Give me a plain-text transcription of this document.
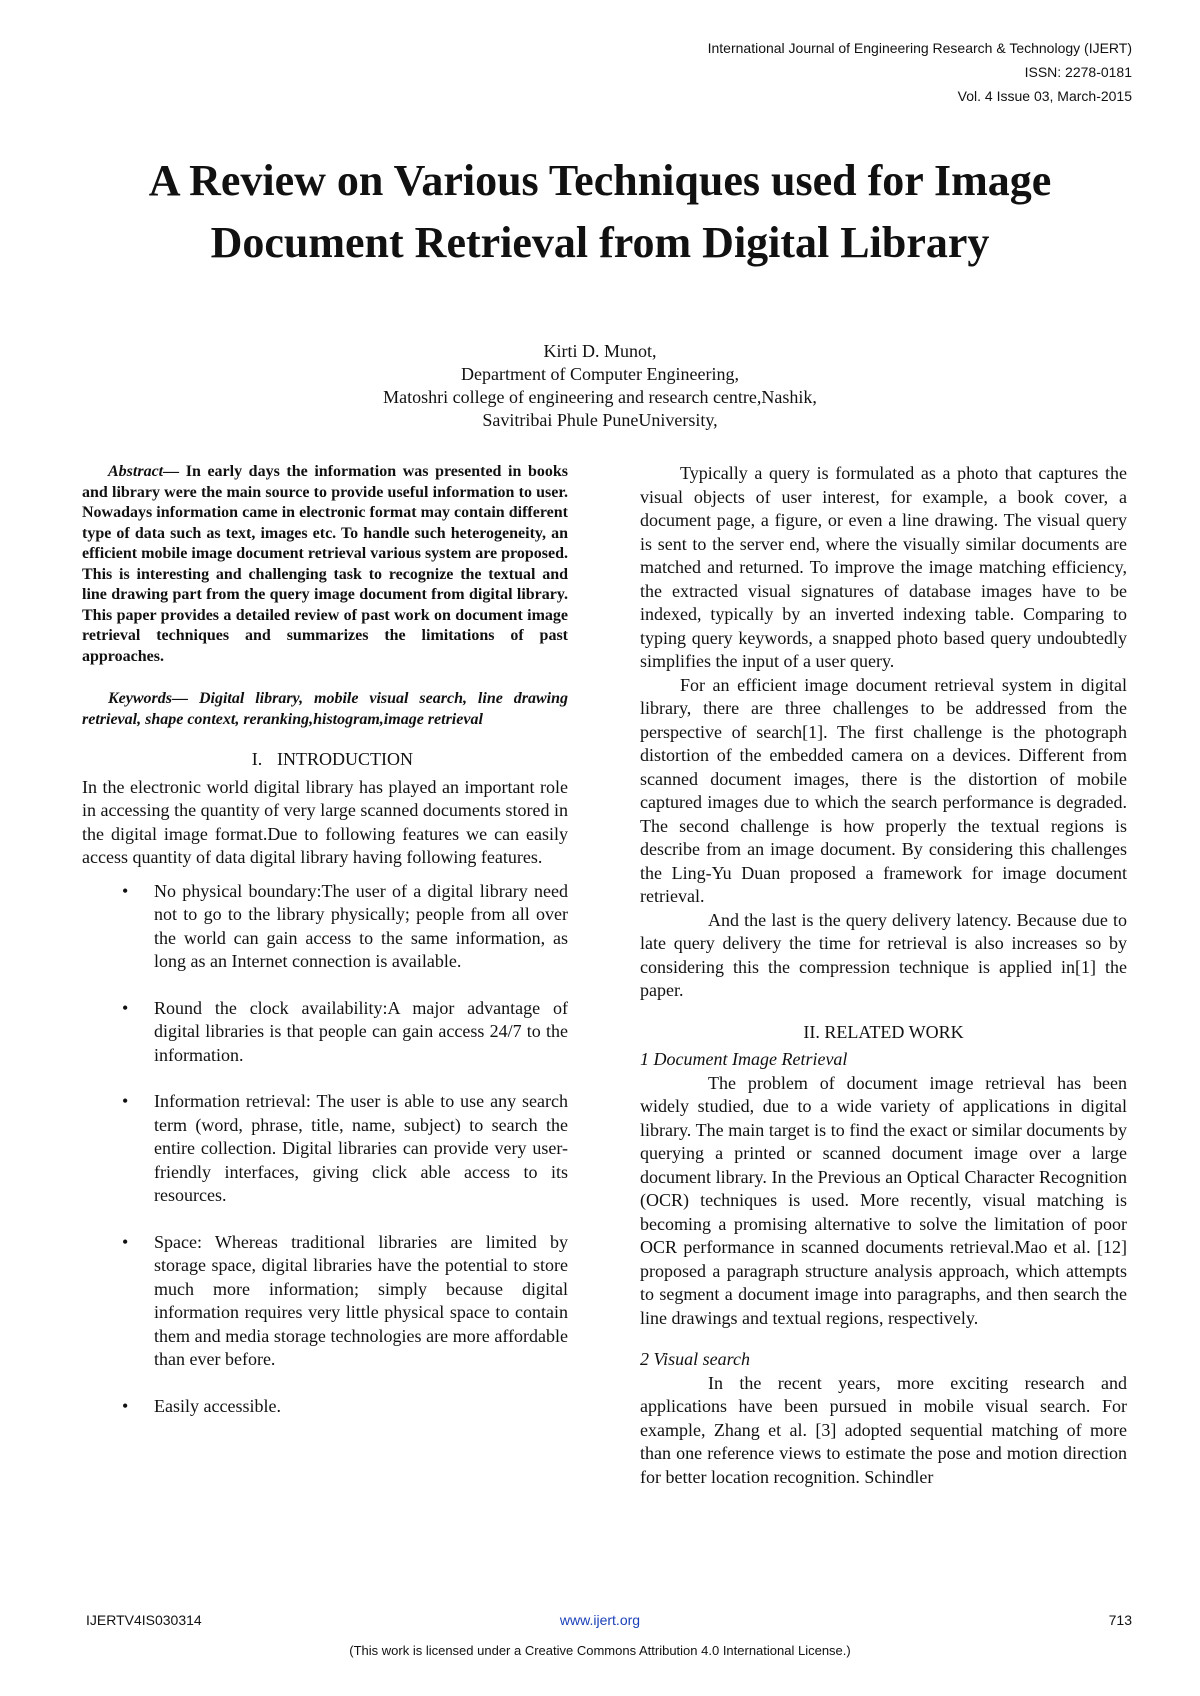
International Journal of Engineering Research & Technology (IJERT)
ISSN: 2278-0181
Vol. 4 Issue 03, March-2015
A Review on Various Techniques used for Image
Document Retrieval from Digital Library
Kirti D. Munot,
Department of Computer Engineering,
Matoshri college of engineering and research centre,Nashik,
Savitribai Phule PuneUniversity,

Abstract— In early days the information was presented in books and library were the main source to provide useful information to user. Nowadays information came in electronic format may contain different type of data such as text, images etc. To handle such heterogeneity, an efficient mobile image document retrieval various system are proposed. This is interesting and challenging task to recognize the textual and line drawing part from the query image document from digital library. This paper provides a detailed review of past work on document image retrieval techniques and summarizes the limitations of past approaches.

Keywords— Digital library, mobile visual search, line drawing retrieval, shape context, reranking,histogram,image retrieval

I. INTRODUCTION

In the electronic world digital library has played an important role in accessing the quantity of very large scanned documents stored in the digital image format.Due to following features we can easily access quantity of data digital library having following features.

• No physical boundary:The user of a digital library need not to go to the library physically; people from all over the world can gain access to the same information, as long as an Internet connection is available.
• Round the clock availability:A major advantage of digital libraries is that people can gain access 24/7 to the information.
• Information retrieval: The user is able to use any search term (word, phrase, title, name, subject) to search the entire collection. Digital libraries can provide very user-friendly interfaces, giving click able access to its resources.
• Space: Whereas traditional libraries are limited by storage space, digital libraries have the potential to store much more information; simply because digital information requires very little physical space to contain them and media storage technologies are more affordable than ever before.
• Easily accessible.

Typically a query is formulated as a photo that captures the visual objects of user interest, for example, a book cover, a document page, a figure, or even a line drawing. The visual query is sent to the server end, where the visually similar documents are matched and returned. To improve the image matching efficiency, the extracted visual signatures of database images have to be indexed, typically by an inverted indexing table. Comparing to typing query keywords, a snapped photo based query undoubtedly simplifies the input of a user query.

For an efficient image document retrieval system in digital library, there are three challenges to be addressed from the perspective of search[1]. The first challenge is the photograph distortion of the embedded camera on a devices. Different from scanned document images, there is the distortion of mobile captured images due to which the search performance is degraded. The second challenge is how properly the textual regions is describe from an image document. By considering this challenges the Ling-Yu Duan proposed a framework for image document retrieval.

And the last is the query delivery latency. Because due to late query delivery the time for retrieval is also increases so by considering this the compression technique is applied in[1] the paper.

II. RELATED WORK

1 Document Image Retrieval

The problem of document image retrieval has been widely studied, due to a wide variety of applications in digital library. The main target is to find the exact or similar documents by querying a printed or scanned document image over a large document library. In the Previous an Optical Character Recognition (OCR) techniques is used. More recently, visual matching is becoming a promising alternative to solve the limitation of poor OCR performance in scanned documents retrieval.Mao et al. [12] proposed a paragraph structure analysis approach, which attempts to segment a document image into paragraphs, and then search the line drawings and textual regions, respectively.

2 Visual search

In the recent years, more exciting research and applications have been pursued in mobile visual search. For example, Zhang et al. [3] adopted sequential matching of more than one reference views to estimate the pose and motion direction for better location recognition. Schindler

IJERTV4IS030314	www.ijert.org	713
(This work is licensed under a Creative Commons Attribution 4.0 International License.)
